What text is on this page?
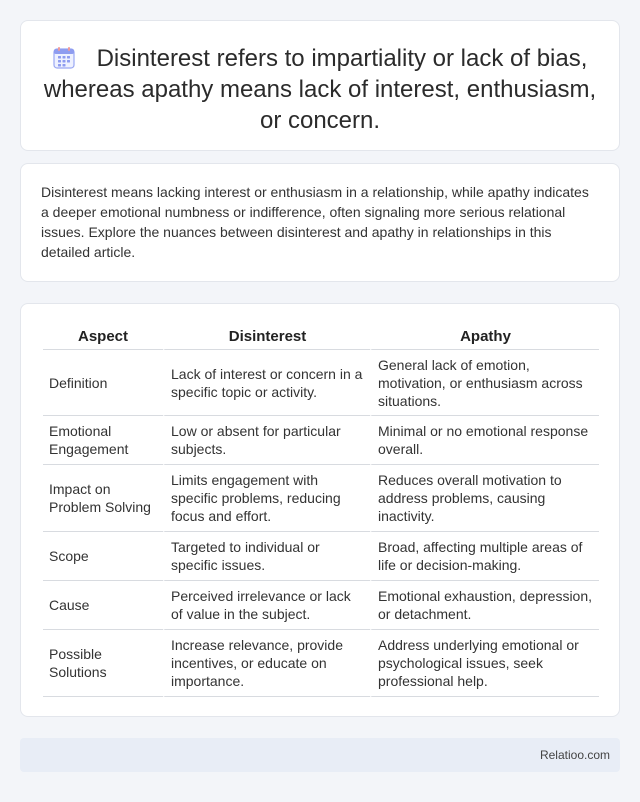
Disinterest refers to impartiality or lack of bias, whereas apathy means lack of interest, enthusiasm, or concern.

Disinterest means lacking interest or enthusiasm in a relationship, while apathy indicates a deeper emotional numbness or indifference, often signaling more serious relational issues. Explore the nuances between disinterest and apathy in relationships in this detailed article.

Aspect	Disinterest	Apathy
Definition	Lack of interest or concern in a specific topic or activity.	General lack of emotion, motivation, or enthusiasm across situations.
Emotional Engagement	Low or absent for particular subjects.	Minimal or no emotional response overall.
Impact on Problem Solving	Limits engagement with specific problems, reducing focus and effort.	Reduces overall motivation to address problems, causing inactivity.
Scope	Targeted to individual or specific issues.	Broad, affecting multiple areas of life or decision-making.
Cause	Perceived irrelevance or lack of value in the subject.	Emotional exhaustion, depression, or detachment.
Possible Solutions	Increase relevance, provide incentives, or educate on importance.	Address underlying emotional or psychological issues, seek professional help.
Relatioo.com
